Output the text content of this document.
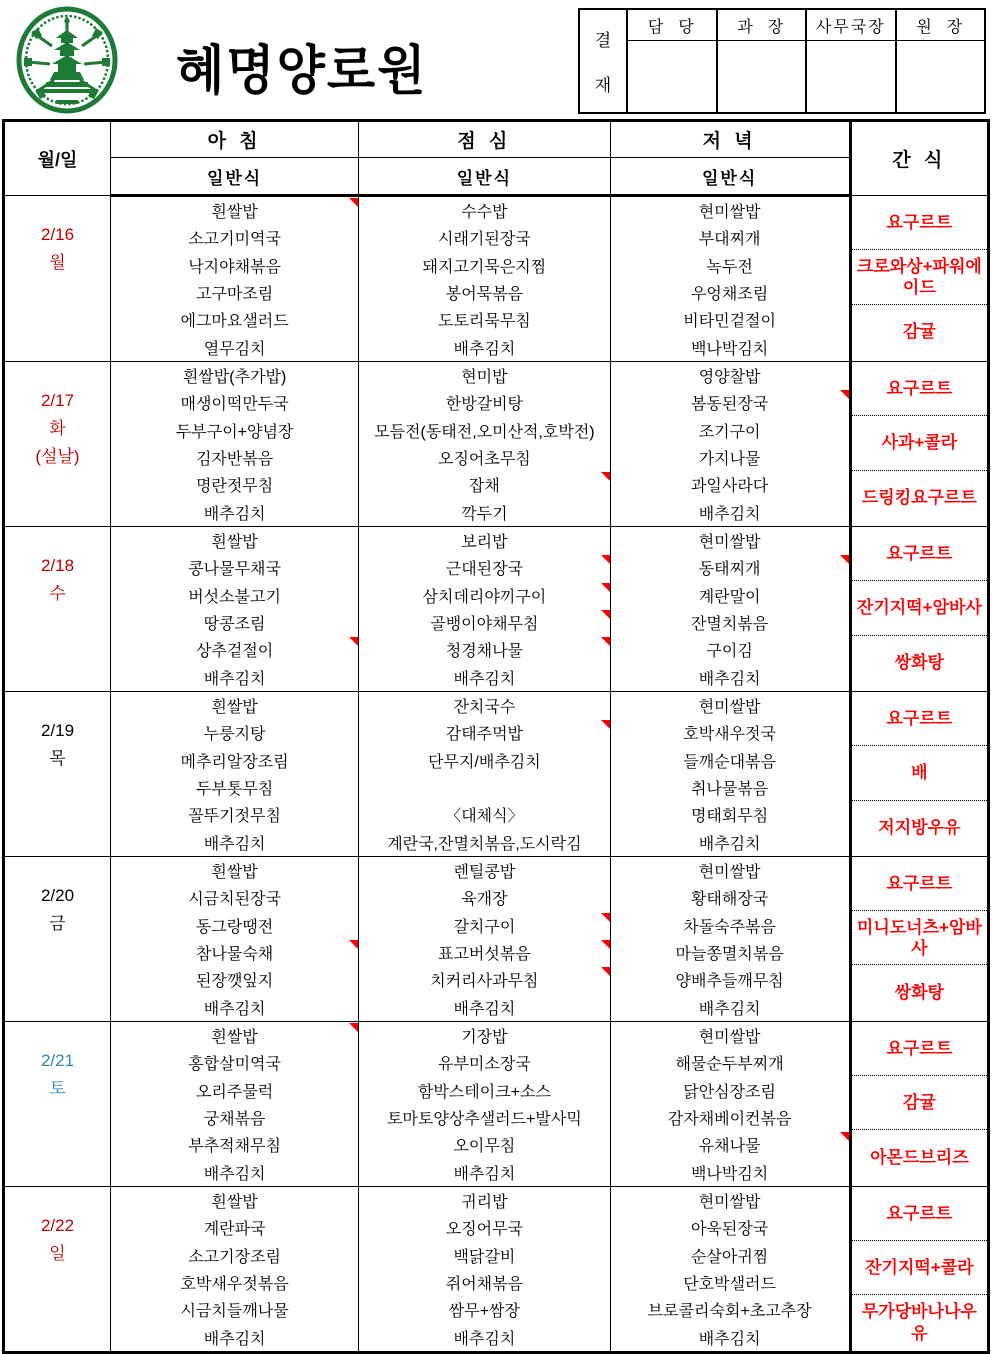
혜명양로원
결
재
담  당	과  장	사무국장	원  장
월/일	아 침	점 심	저 녁	간 식
	일반식	일반식	일반식	

2/16
월

흰쌀밥
소고기미역국
낙지야채볶음
고구마조림
에그마요샐러드
열무김치

수수밥
시래기된장국
돼지고기묵은지찜
봉어묵볶음
도토리묵무침
배추김치

현미쌀밥
부대찌개
녹두전
우엉채조림
비타민겉절이
백나박김치

요구르트
크로와상+파워에이드
감귤

2/17
화
(설날)

흰쌀밥(추가밥)
매생이떡만두국
두부구이+양념장
김자반볶음
명란젓무침
배추김치

현미밥
한방갈비탕
모듬전(동태전,오미산적,호박전)
오징어초무침
잡채
깍두기

영양찰밥
봄동된장국
조기구이
가지나물
과일사라다
배추김치

요구르트
사과+콜라
드링킹요구르트

2/18
수

흰쌀밥
콩나물무채국
버섯소불고기
땅콩조림
상추겉절이
배추김치

보리밥
근대된장국
삼치데리야끼구이
골뱅이야채무침
청경채나물
배추김치

현미쌀밥
동태찌개
계란말이
잔멸치볶음
구이김
배추김치

요구르트
잔기지떡+암바사
쌍화탕

2/19
목

흰쌀밥
누룽지탕
메추리알장조림
두부톳무침
꼴뚜기젓무침
배추김치

잔치국수
감태주먹밥
단무지/배추김치
〈대체식〉
계란국,잔멸치볶음,도시락김

현미쌀밥
호박새우젓국
들깨순대볶음
취나물볶음
명태회무침
배추김치

요구르트
배
저지방우유

2/20
금

흰쌀밥
시금치된장국
동그랑땡전
참나물숙채
된장깻잎지
배추김치

렌틸콩밥
육개장
갈치구이
표고버섯볶음
치커리사과무침
배추김치

현미쌀밥
황태해장국
차돌숙주볶음
마늘쫑멸치볶음
양배추들깨무침
배추김치

요구르트
미니도너츠+암바사
쌍화탕

2/21
토

흰쌀밥
홍합살미역국
오리주물럭
궁채볶음
부추적채무침
배추김치

기장밥
유부미소장국
함박스테이크+소스
토마토양상추샐러드+발사믹
오이무침
배추김치

현미쌀밥
해물순두부찌개
닭안심장조림
감자채베이컨볶음
유채나물
백나박김치

요구르트
감귤
아몬드브리즈

2/22
일

흰쌀밥
계란파국
소고기장조림
호박새우젓볶음
시금치들깨나물
배추김치

귀리밥
오징어무국
백닭갈비
쥐어채볶음
쌈무+쌈장
배추김치

현미쌀밥
아욱된장국
순살아귀찜
단호박샐러드
브로콜리숙회+초고추장
배추김치

요구르트
잔기지떡+콜라
무가당바나나우유
